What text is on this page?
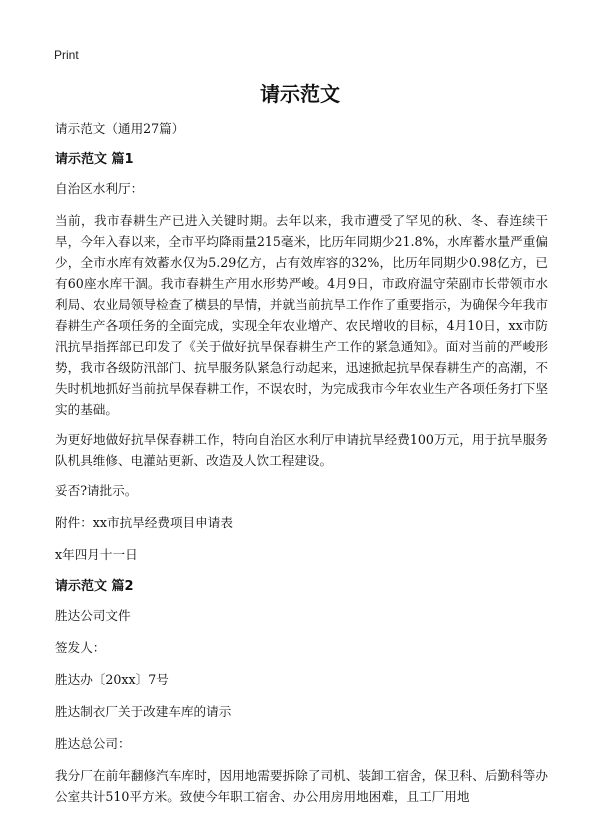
Print
请示范文

请示范文（通用27篇）

请示范文 篇1

自治区水利厅：

当前，我市春耕生产已进入关键时期。去年以来，我市遭受了罕见的秋、冬、春连续干旱，今年入春以来，全市平均降雨量215毫米，比历年同期少21.8%，水库蓄水量严重偏少，全市水库有效蓄水仅为5.29亿方，占有效库容的32%，比历年同期少0.98亿方，已有60座水库干涸。我市春耕生产用水形势严峻。4月9日，市政府温守荣副市长带领市水利局、农业局领导检查了横县的旱情，并就当前抗旱工作作了重要指示，为确保今年我市春耕生产各项任务的全面完成，实现全年农业增产、农民增收的目标，4月10日，xx市防汛抗旱指挥部已印发了《关于做好抗旱保春耕生产工作的紧急通知》。面对当前的严峻形势，我市各级防汛部门、抗旱服务队紧急行动起来，迅速掀起抗旱保春耕生产的高潮，不失时机地抓好当前抗旱保春耕工作，不误农时，为完成我市今年农业生产各项任务打下坚实的基础。

为更好地做好抗旱保春耕工作，特向自治区水利厅申请抗旱经费100万元，用于抗旱服务队机具维修、电灌站更新、改造及人饮工程建设。

妥否?请批示。

附件：xx市抗旱经费项目申请表

x年四月十一日

请示范文 篇2

胜达公司文件

签发人：

胜达办〔20xx〕7号

胜达制衣厂关于改建车库的请示

胜达总公司：

我分厂在前年翻修汽车库时，因用地需要拆除了司机、装卸工宿舍，保卫科、后勤科等办公室共计510平方米。致使今年职工宿舍、办公用房用地困难，且工厂用地
